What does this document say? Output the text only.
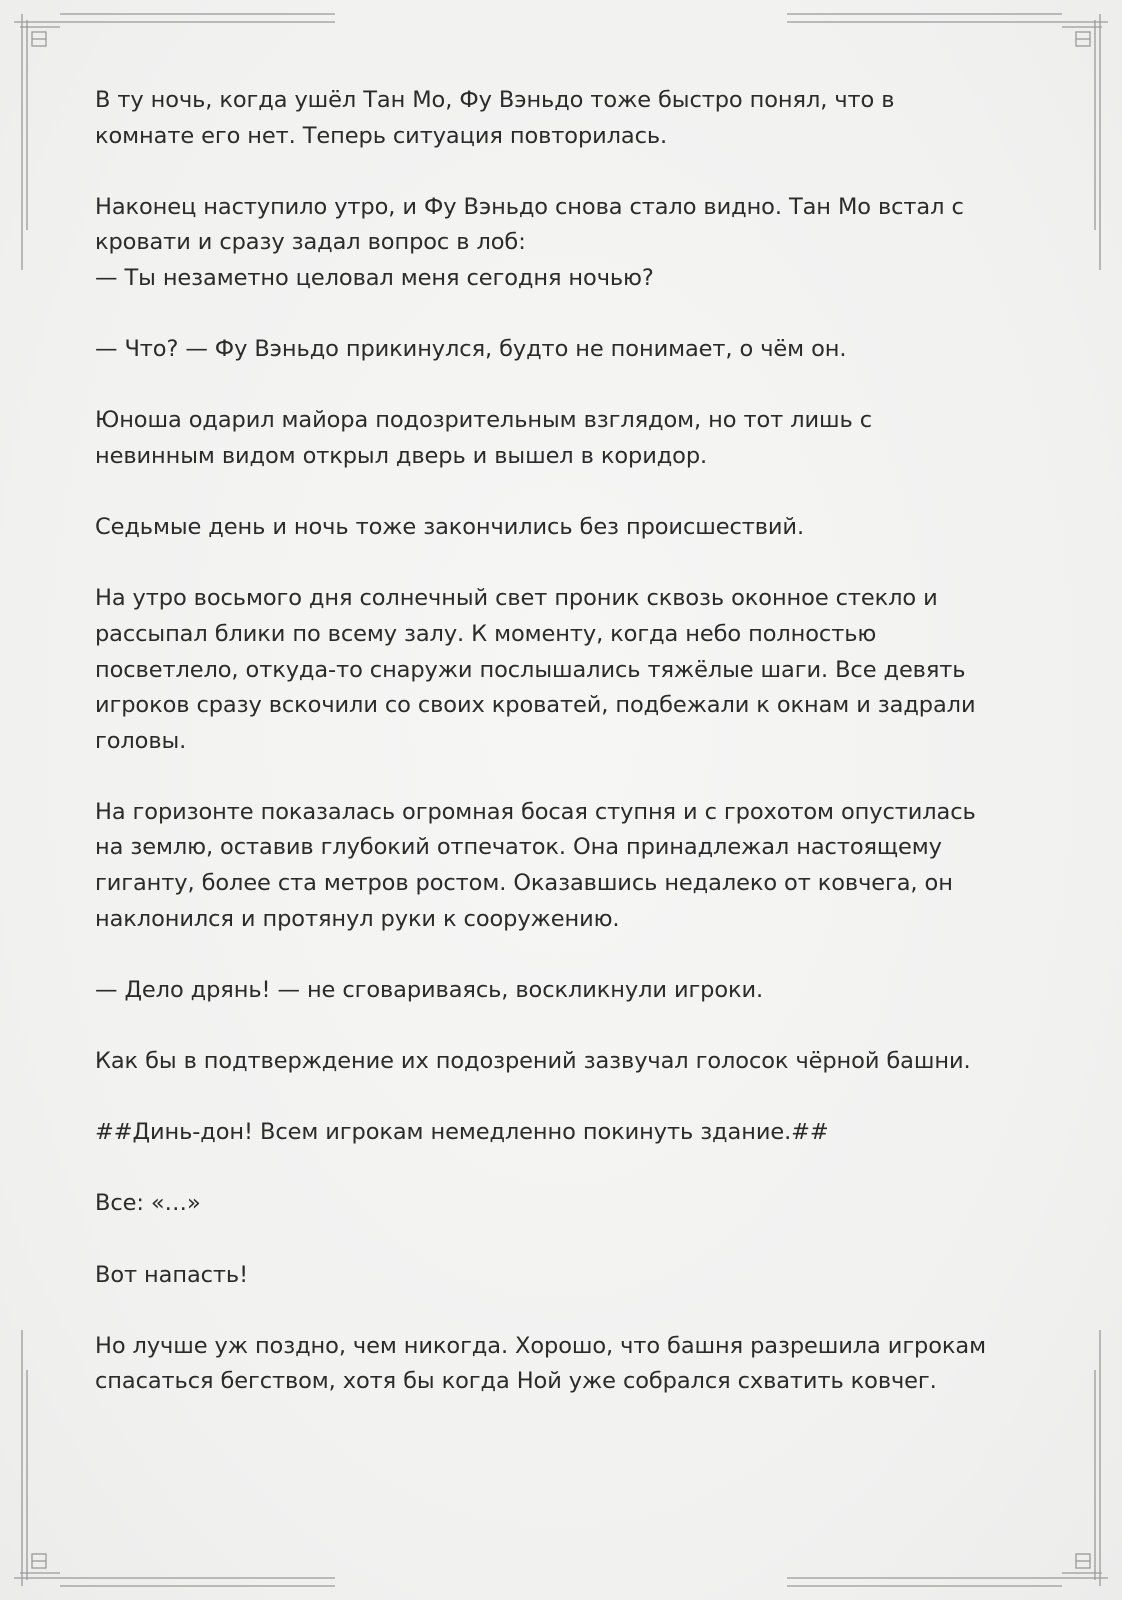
В ту ночь, когда ушёл Тан Мо, Фу Вэньдо тоже быстро понял, что в
комнате его нет. Теперь ситуация повторилась.

Наконец наступило утро, и Фу Вэньдо снова стало видно. Тан Мо встал с
кровати и сразу задал вопрос в лоб:
— Ты незаметно целовал меня сегодня ночью?

— Что? — Фу Вэньдо прикинулся, будто не понимает, о чём он.

Юноша одарил майора подозрительным взглядом, но тот лишь с
невинным видом открыл дверь и вышел в коридор.

Седьмые день и ночь тоже закончились без происшествий.

На утро восьмого дня солнечный свет проник сквозь оконное стекло и
рассыпал блики по всему залу. К моменту, когда небо полностью
посветлело, откуда-то снаружи послышались тяжёлые шаги. Все девять
игроков сразу вскочили со своих кроватей, подбежали к окнам и задрали
головы.

На горизонте показалась огромная босая ступня и с грохотом опустилась
на землю, оставив глубокий отпечаток. Она принадлежал настоящему
гиганту, более ста метров ростом. Оказавшись недалеко от ковчега, он
наклонился и протянул руки к сооружению.

— Дело дрянь! — не сговариваясь, воскликнули игроки.

Как бы в подтверждение их подозрений зазвучал голосок чёрной башни.

##Динь-дон! Всем игрокам немедленно покинуть здание.##

Все: «…»

Вот напасть!

Но лучше уж поздно, чем никогда. Хорошо, что башня разрешила игрокам
спасаться бегством, хотя бы когда Ной уже собрался схватить ковчег.
